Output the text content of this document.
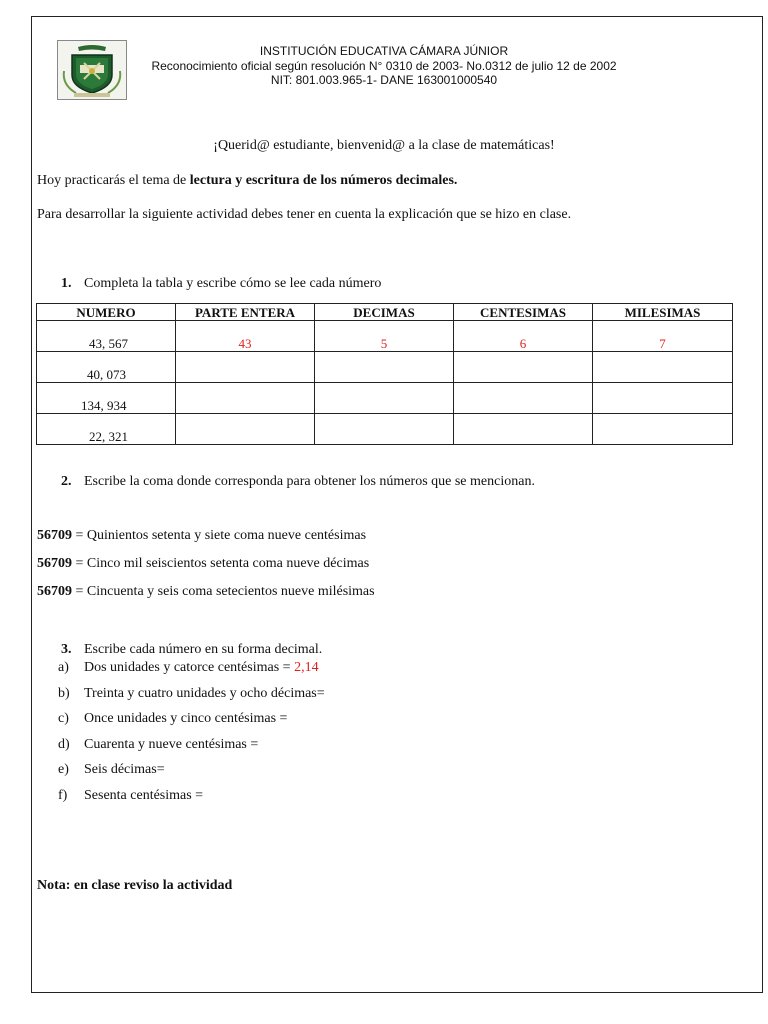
INSTITUCIÓN EDUCATIVA CÁMARA JÚNIOR
Reconocimiento oficial según resolución N° 0310 de 2003- No.0312 de julio 12 de 2002
NIT: 801.003.965-1- DANE 163001000540
¡Querid@ estudiante, bienvenid@ a la clase de matemáticas!
Hoy practicarás el tema de lectura y escritura de los números decimales.
Para desarrollar la siguiente actividad debes tener en cuenta la explicación que se hizo en clase.
1. Completa la tabla y escribe cómo se lee cada número
NUMERO	PARTE ENTERA	DECIMAS	CENTESIMAS	MILESIMAS
43, 567	43	5	6	7
40, 073				
134, 934				
22, 321				
2. Escribe la coma donde corresponda para obtener los números que se mencionan.
56709 = Quinientos setenta y siete coma nueve centésimas
56709 = Cinco mil seiscientos setenta coma nueve décimas
56709 = Cincuenta y seis coma setecientos nueve milésimas
3. Escribe cada número en su forma decimal.
a) Dos unidades y catorce centésimas = 2,14
b) Treinta y cuatro unidades y ocho décimas=
c) Once unidades y cinco centésimas =
d) Cuarenta y nueve centésimas =
e) Seis décimas=
f) Sesenta centésimas =
Nota: en clase reviso la actividad
